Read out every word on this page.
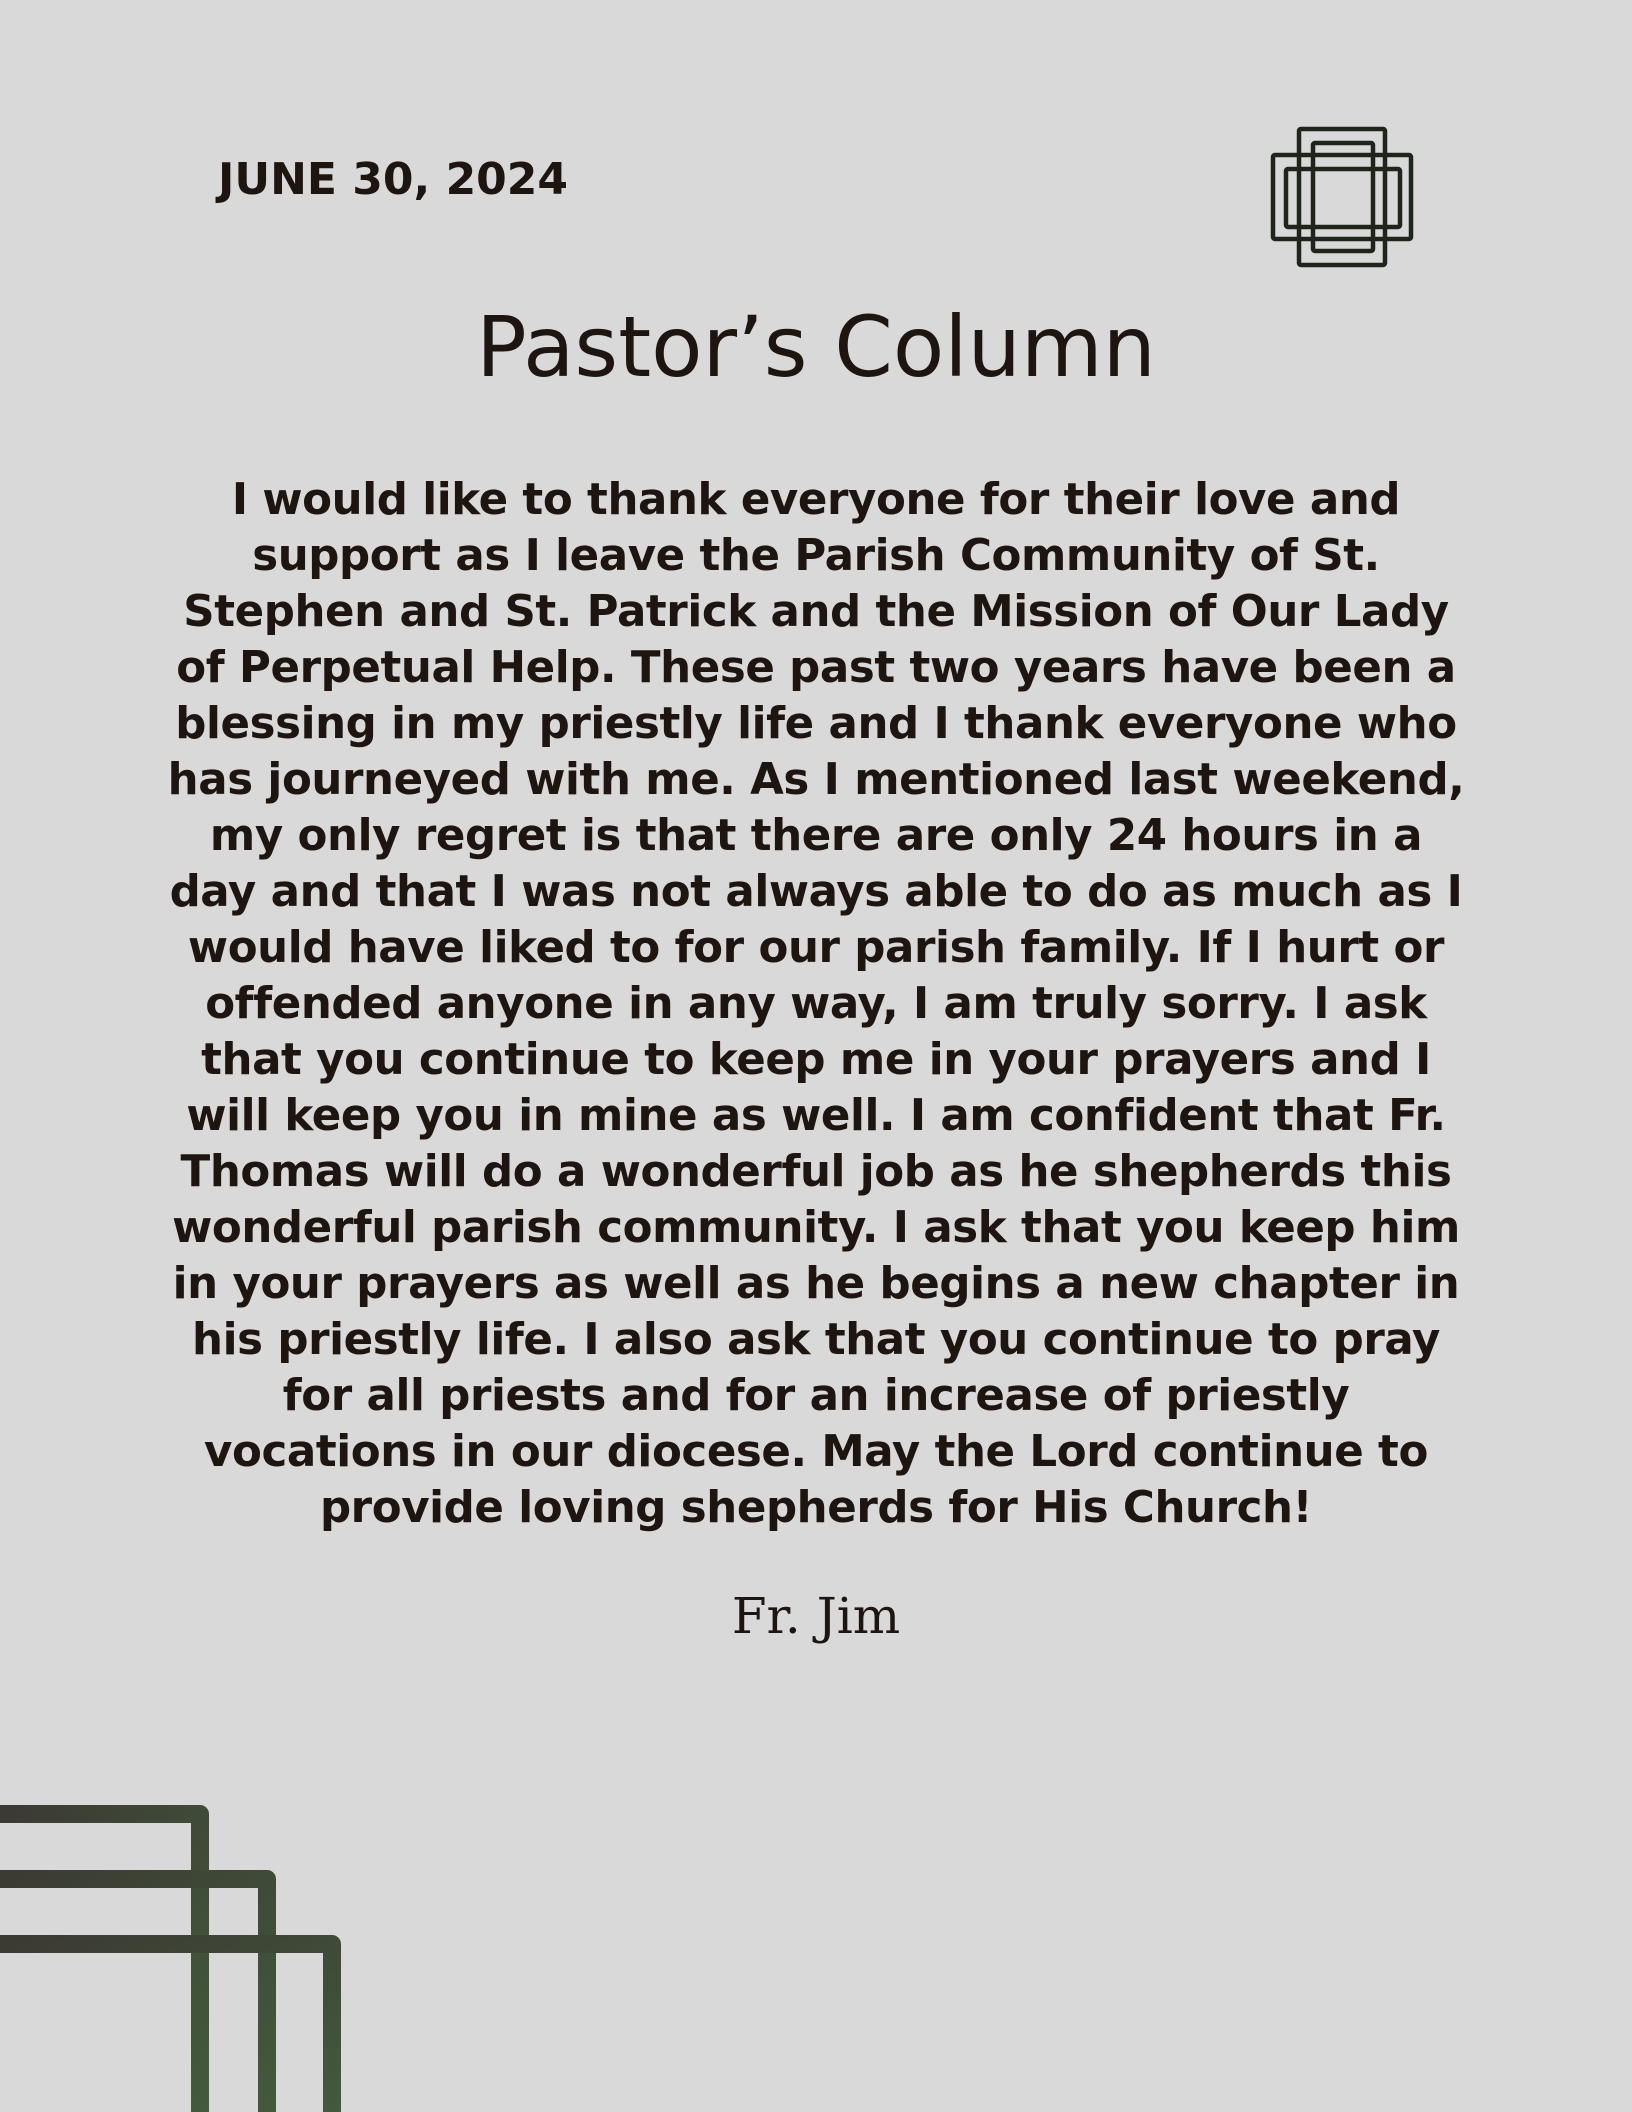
JUNE 30, 2024
Pastor’s Column

I would like to thank everyone for their love and support as I leave the Parish Community of St. Stephen and St. Patrick and the Mission of Our Lady of Perpetual Help. These past two years have been a blessing in my priestly life and I thank everyone who has journeyed with me. As I mentioned last weekend, my only regret is that there are only 24 hours in a day and that I was not always able to do as much as I would have liked to for our parish family. If I hurt or offended anyone in any way, I am truly sorry. I ask that you continue to keep me in your prayers and I will keep you in mine as well. I am confident that Fr. Thomas will do a wonderful job as he shepherds this wonderful parish community. I ask that you keep him in your prayers as well as he begins a new chapter in his priestly life. I also ask that you continue to pray for all priests and for an increase of priestly vocations in our diocese. May the Lord continue to provide loving shepherds for His Church!

Fr. Jim
